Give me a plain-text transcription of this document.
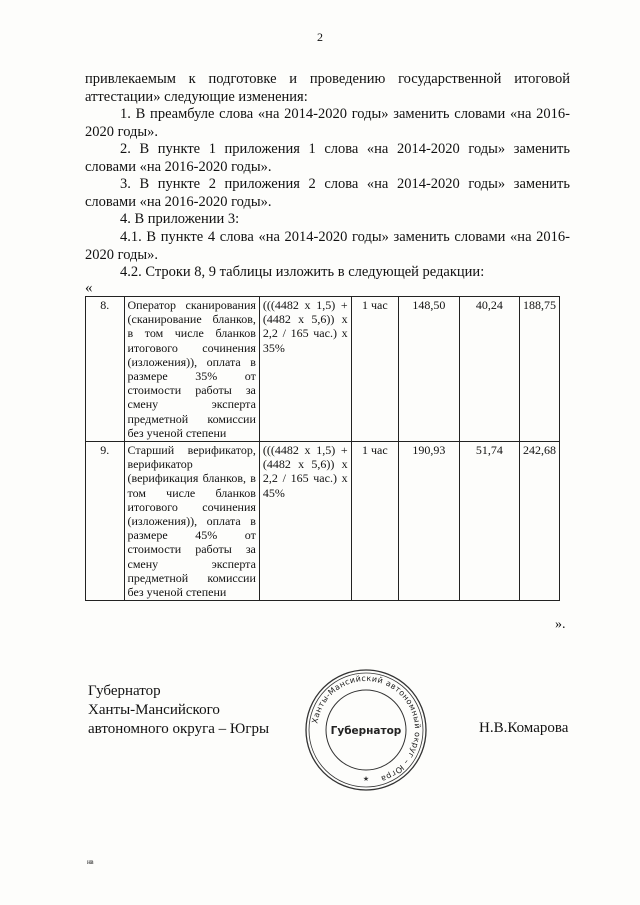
2

привлекаемым к подготовке и проведению государственной итоговой аттестации» следующие изменения:

1. В преамбуле слова «на 2014-2020 годы» заменить словами «на 2016-2020 годы».

2. В пункте 1 приложения 1 слова «на 2014-2020 годы» заменить словами «на 2016-2020 годы».

3. В пункте 2 приложения 2 слова «на 2014-2020 годы» заменить словами «на 2016-2020 годы».

4. В приложении 3:

4.1. В пункте 4 слова «на 2014-2020 годы» заменить словами «на 2016-2020 годы».

4.2. Строки 8, 9 таблицы изложить в следующей редакции:

«
8.	Оператор сканирования (сканирование бланков, в том числе бланков итогового сочинения (изложения)), оплата в размере 35% от стоимости работы за смену эксперта предметной комиссии без ученой степени	(((4482 x 1,5) + (4482 x 5,6)) x 2,2 / 165 час.) x 35%	1 час	148,50	40,24	188,75
9.	Старший верификатор, верификатор (верификация бланков, в том числе бланков итогового сочинения (изложения)), оплата в размере 45% от стоимости работы за смену эксперта предметной комиссии без ученой степени	(((4482 x 1,5) + (4482 x 5,6)) x 2,2 / 165 час.) x 45%	1 час	190,93	51,74	242,68
».
Губернатор
Ханты-Мансийского
автономного округа – Югры
Ханты-Мансийский автономный округ – Югра
Губернатор
★
Н.В.Комарова
нв
